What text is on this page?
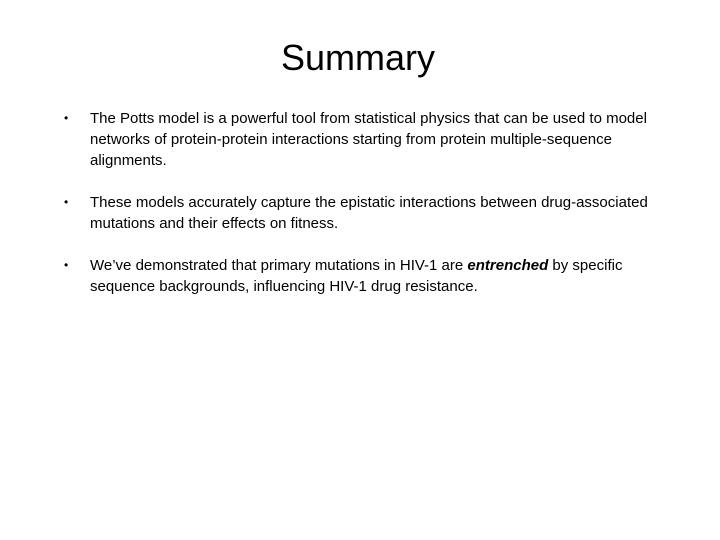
Summary
• The Potts model is a powerful tool from statistical physics that can be used to model networks of protein-protein interactions starting from protein multiple-sequence alignments.
• These models accurately capture the epistatic interactions between drug-associated mutations and their effects on fitness.
• We’ve demonstrated that primary mutations in HIV-1 are entrenched by specific sequence backgrounds, influencing HIV-1 drug resistance.
